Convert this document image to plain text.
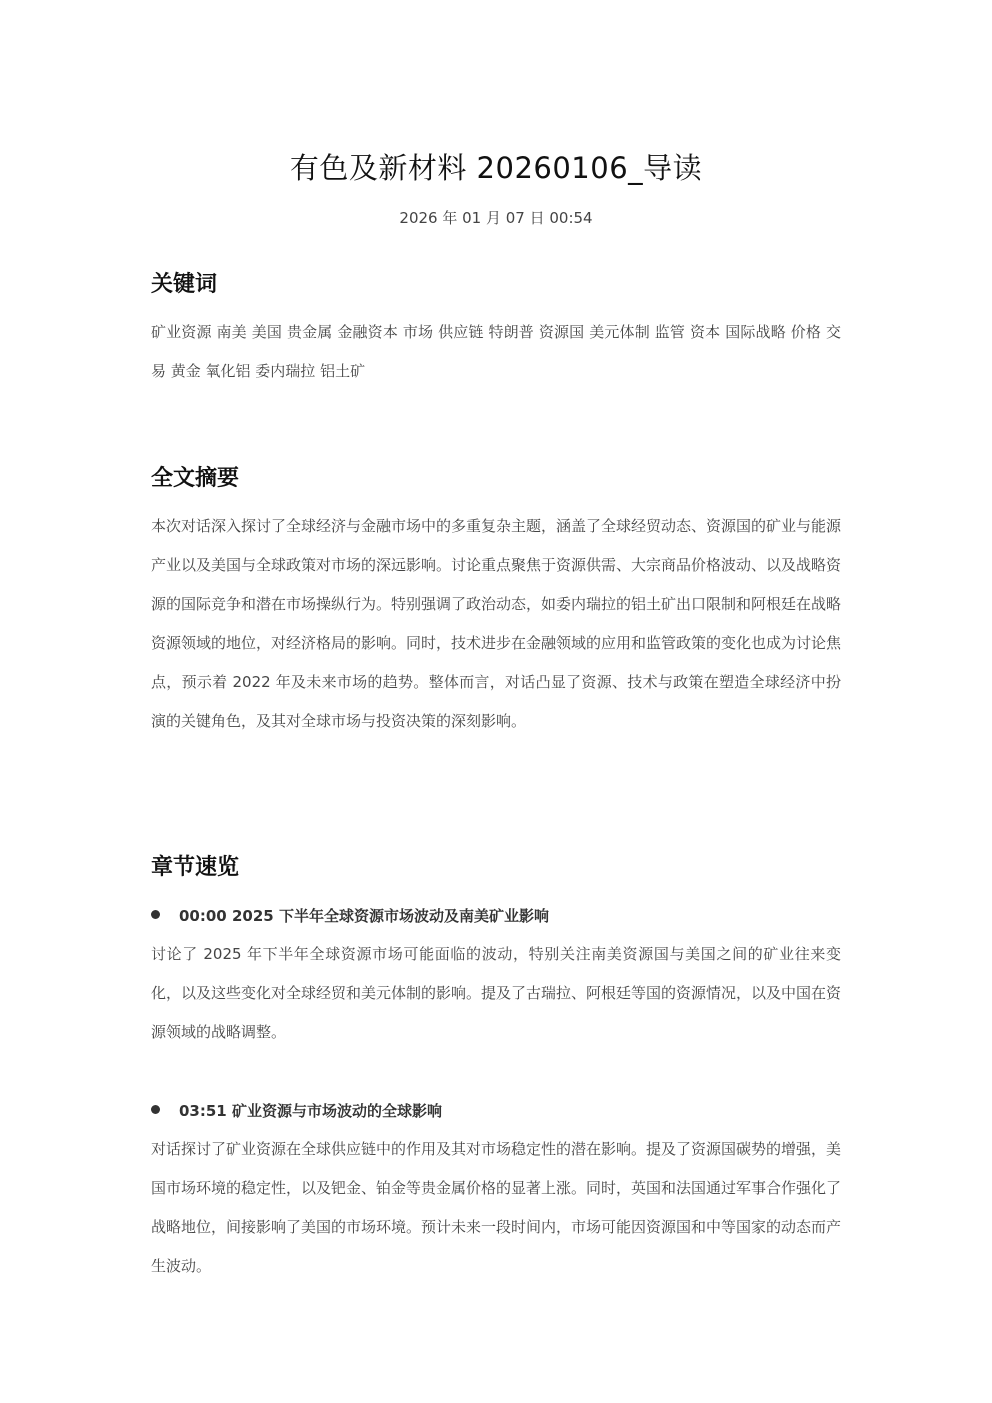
有色及新材料 20260106_导读
2026 年 01 月 07 日 00:54
关键词
矿业资源 南美 美国 贵金属 金融资本 市场 供应链 特朗普 资源国 美元体制 监管 资本 国际战略 价格 交易 黄金 氧化铝 委内瑞拉 铝土矿
全文摘要
本次对话深入探讨了全球经济与金融市场中的多重复杂主题，涵盖了全球经贸动态、资源国的矿业与能源产业以及美国与全球政策对市场的深远影响。讨论重点聚焦于资源供需、大宗商品价格波动、以及战略资源的国际竞争和潜在市场操纵行为。特别强调了政治动态，如委内瑞拉的铝土矿出口限制和阿根廷在战略资源领域的地位，对经济格局的影响。同时，技术进步在金融领域的应用和监管政策的变化也成为讨论焦点，预示着 2022 年及未来市场的趋势。整体而言，对话凸显了资源、技术与政策在塑造全球经济中扮演的关键角色，及其对全球市场与投资决策的深刻影响。
章节速览
00:00 2025 下半年全球资源市场波动及南美矿业影响
讨论了 2025 年下半年全球资源市场可能面临的波动，特别关注南美资源国与美国之间的矿业往来变化，以及这些变化对全球经贸和美元体制的影响。提及了古瑞拉、阿根廷等国的资源情况，以及中国在资源领域的战略调整。
03:51 矿业资源与市场波动的全球影响
对话探讨了矿业资源在全球供应链中的作用及其对市场稳定性的潜在影响。提及了资源国碳势的增强，美国市场环境的稳定性，以及钯金、铂金等贵金属价格的显著上涨。同时，英国和法国通过军事合作强化了战略地位，间接影响了美国的市场环境。预计未来一段时间内，市场可能因资源国和中等国家的动态而产生波动。
